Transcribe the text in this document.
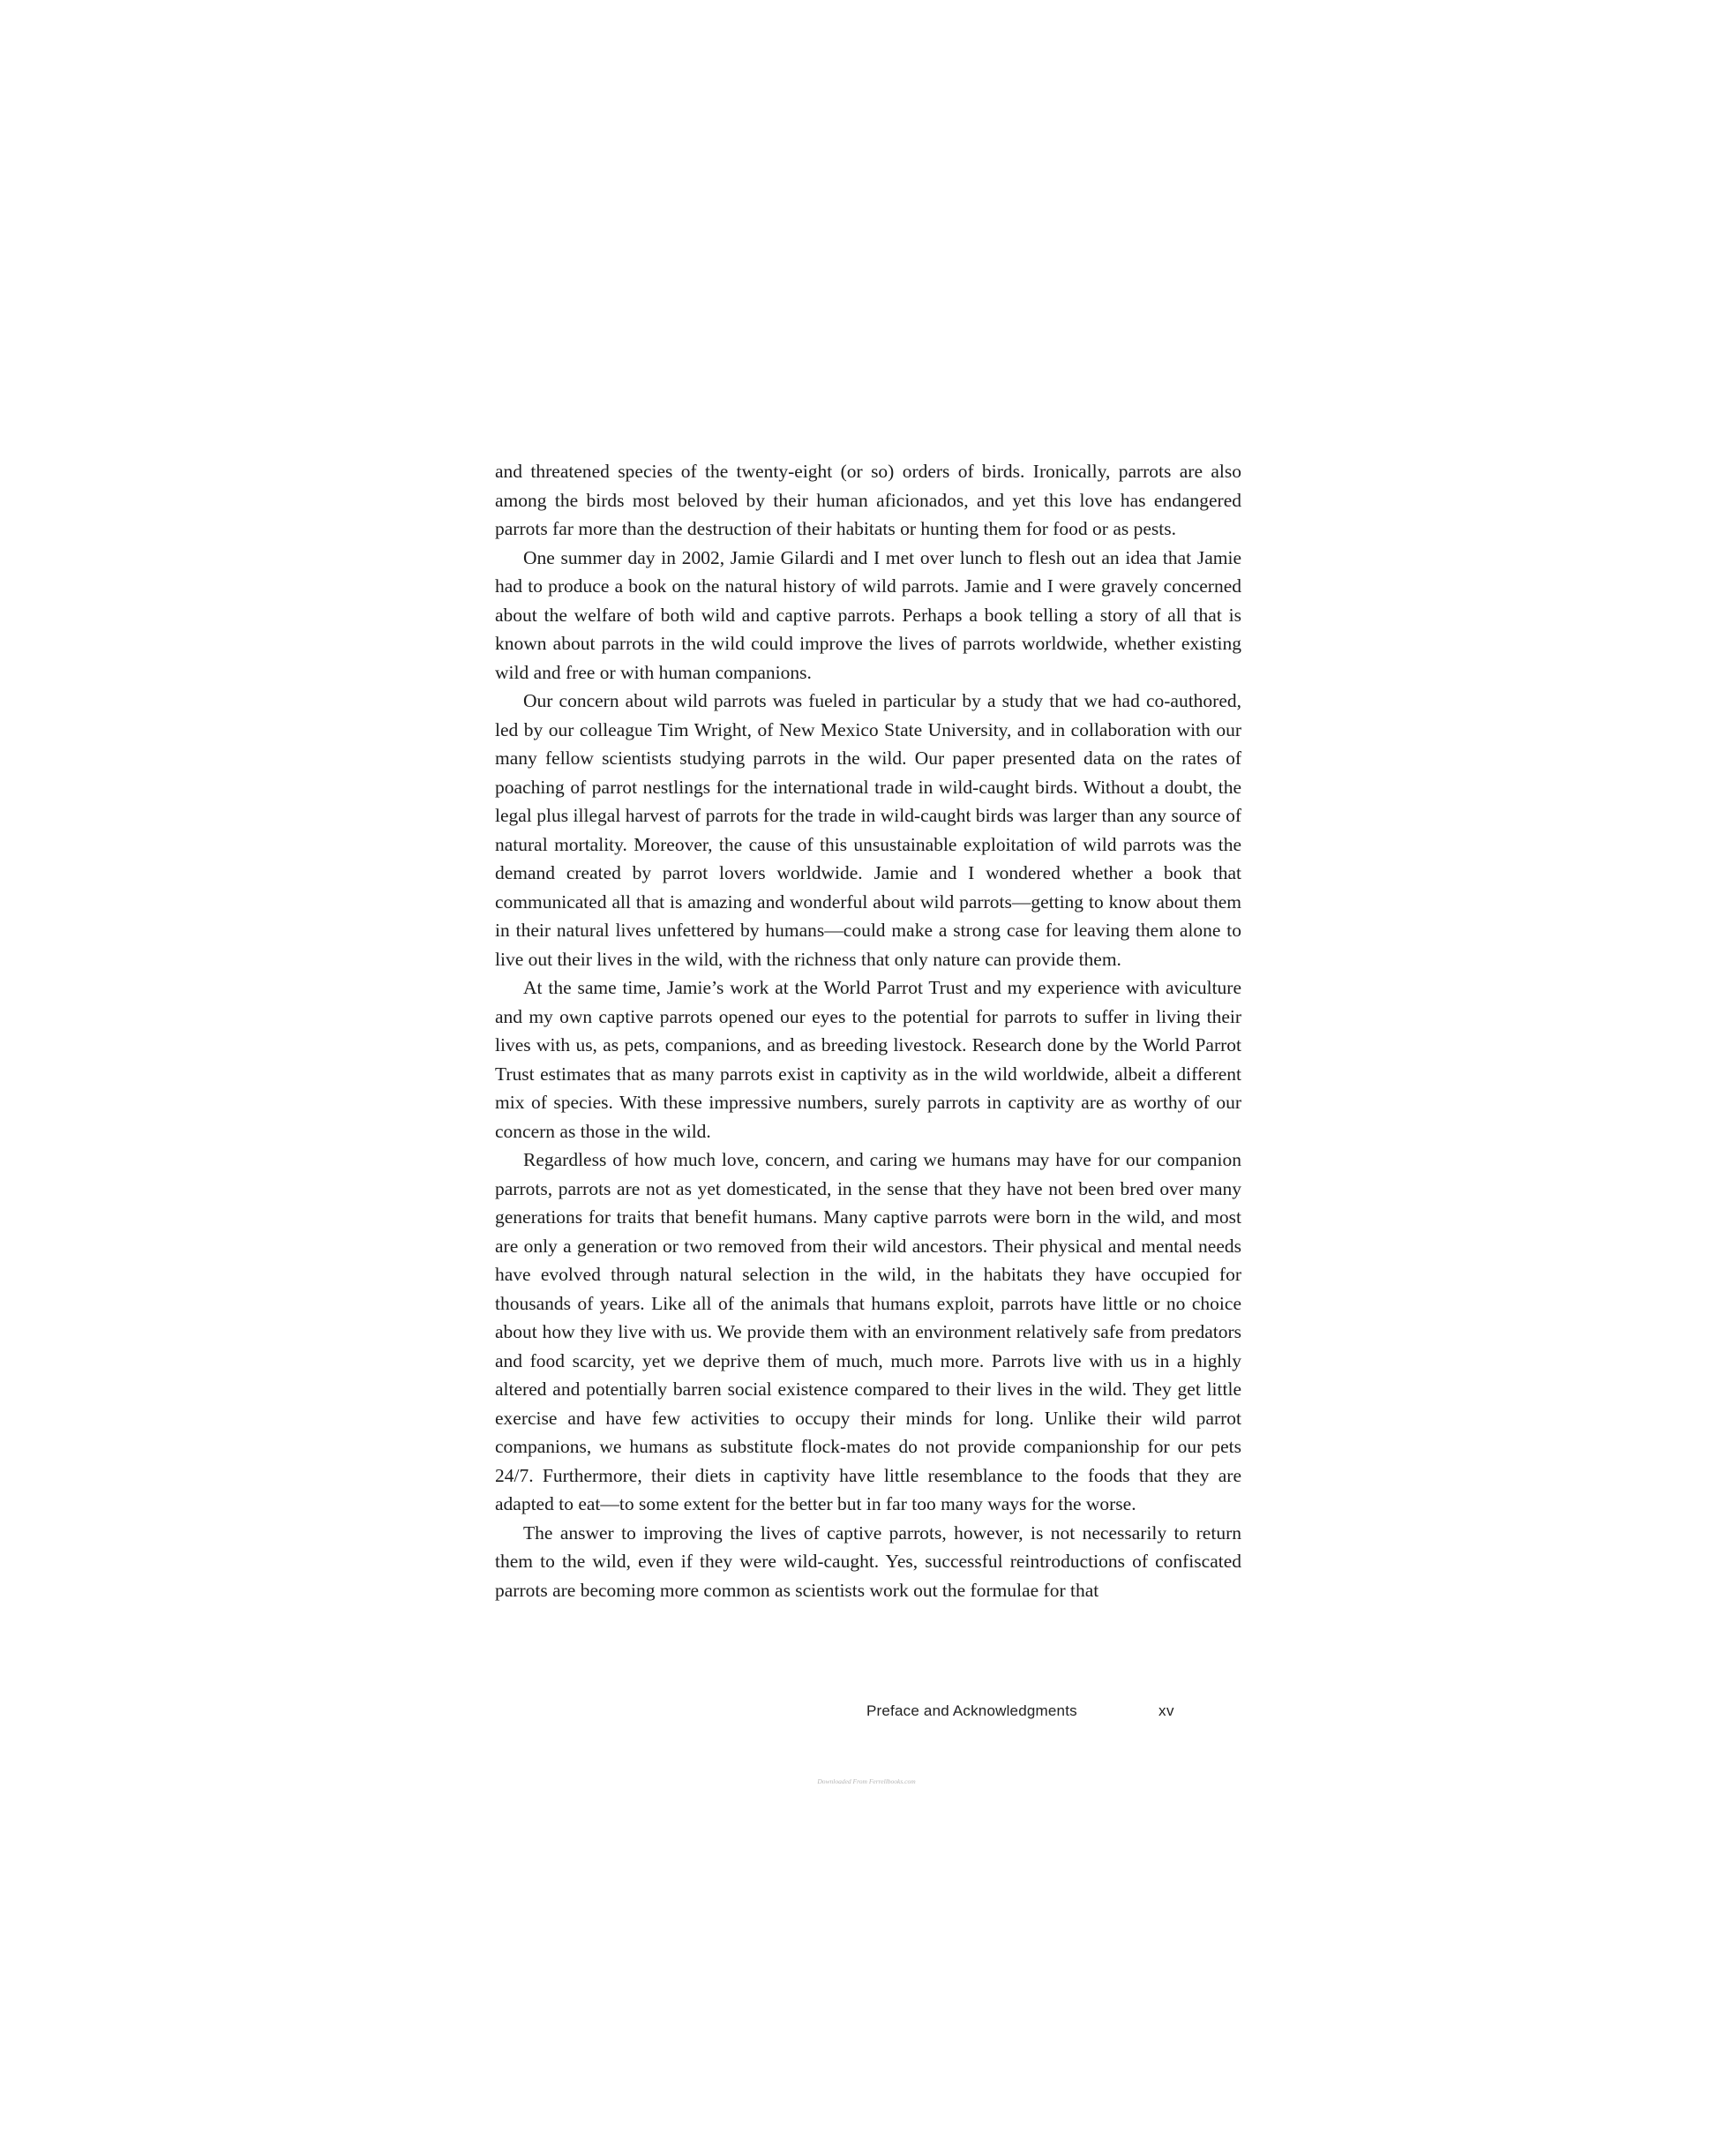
and threatened species of the twenty-eight (or so) orders of birds. Ironically, parrots are also among the birds most beloved by their human aficionados, and yet this love has endangered parrots far more than the destruction of their habitats or hunting them for food or as pests.

One summer day in 2002, Jamie Gilardi and I met over lunch to flesh out an idea that Jamie had to produce a book on the natural history of wild parrots. Jamie and I were gravely concerned about the welfare of both wild and captive parrots. Perhaps a book telling a story of all that is known about parrots in the wild could improve the lives of parrots worldwide, whether existing wild and free or with human companions.

Our concern about wild parrots was fueled in particular by a study that we had co-authored, led by our colleague Tim Wright, of New Mexico State University, and in collaboration with our many fellow scientists studying parrots in the wild. Our paper presented data on the rates of poaching of parrot nestlings for the international trade in wild-caught birds. Without a doubt, the legal plus illegal harvest of parrots for the trade in wild-caught birds was larger than any source of natural mortality. Moreover, the cause of this unsustainable exploitation of wild parrots was the demand created by parrot lovers worldwide. Jamie and I wondered whether a book that communicated all that is amazing and wonderful about wild parrots—getting to know about them in their natural lives unfettered by humans—could make a strong case for leaving them alone to live out their lives in the wild, with the richness that only nature can provide them.

At the same time, Jamie’s work at the World Parrot Trust and my experience with aviculture and my own captive parrots opened our eyes to the potential for parrots to suffer in living their lives with us, as pets, companions, and as breeding livestock. Research done by the World Parrot Trust estimates that as many parrots exist in captivity as in the wild worldwide, albeit a different mix of species. With these impressive numbers, surely parrots in captivity are as worthy of our concern as those in the wild.

Regardless of how much love, concern, and caring we humans may have for our companion parrots, parrots are not as yet domesticated, in the sense that they have not been bred over many generations for traits that benefit humans. Many captive parrots were born in the wild, and most are only a generation or two removed from their wild ancestors. Their physical and mental needs have evolved through natural selection in the wild, in the habitats they have occupied for thousands of years. Like all of the animals that humans exploit, parrots have little or no choice about how they live with us. We provide them with an environment relatively safe from predators and food scarcity, yet we deprive them of much, much more. Parrots live with us in a highly altered and potentially barren social existence compared to their lives in the wild. They get little exercise and have few activities to occupy their minds for long. Unlike their wild parrot companions, we humans as substitute flock-mates do not provide companionship for our pets 24/7. Furthermore, their diets in captivity have little resemblance to the foods that they are adapted to eat—to some extent for the better but in far too many ways for the worse.

The answer to improving the lives of captive parrots, however, is not necessarily to return them to the wild, even if they were wild-caught. Yes, successful reintroductions of confiscated parrots are becoming more common as scientists work out the formulae for that

Preface and Acknowledgments	xv
Downloaded From Ferrellbooks.com
